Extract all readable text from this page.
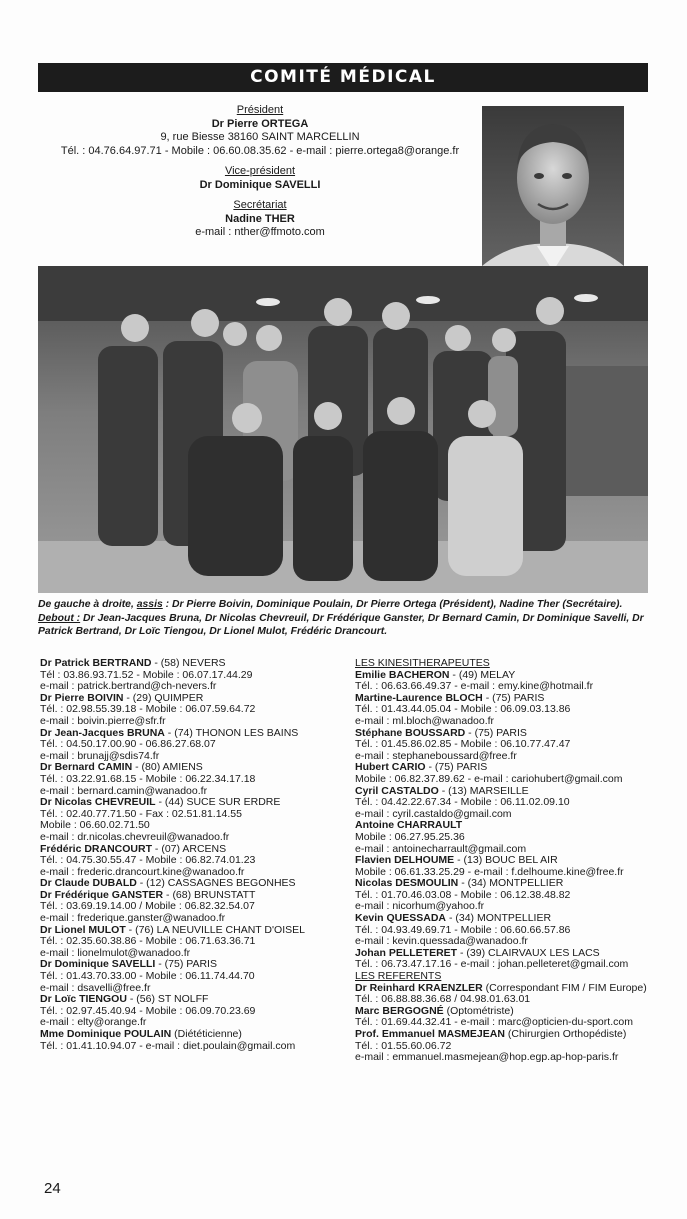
COMITÉ MÉDICAL
Président
Dr Pierre ORTEGA
9, rue Biesse 38160 SAINT MARCELLIN
Tél. : 04.76.64.97.71 - Mobile : 06.60.08.35.62 - e-mail : pierre.ortega8@orange.fr
Vice-président
Dr Dominique SAVELLI
Secrétariat
Nadine THER
e-mail : nther@ffmoto.com
De gauche à droite, assis : Dr Pierre Boivin, Dominique Poulain, Dr Pierre Ortega (Président), Nadine Ther (Secrétaire).
Debout : Dr Jean-Jacques Bruna, Dr Nicolas Chevreuil, Dr Frédérique Ganster, Dr Bernard Camin, Dr Dominique Savelli, Dr Patrick Bertrand, Dr Loïc Tiengou, Dr Lionel Mulot, Frédéric Drancourt.
Dr Patrick BERTRAND - (58) NEVERS
Tél : 03.86.93.71.52 - Mobile : 06.07.17.44.29
e-mail : patrick.bertrand@ch-nevers.fr
Dr Pierre BOIVIN - (29) QUIMPER
Tél. : 02.98.55.39.18 - Mobile : 06.07.59.64.72
e-mail : boivin.pierre@sfr.fr
Dr Jean-Jacques BRUNA - (74) THONON LES BAINS
Tél. : 04.50.17.00.90 - 06.86.27.68.07
e-mail : brunajj@sdis74.fr
Dr Bernard CAMIN - (80) AMIENS
Tél. : 03.22.91.68.15 - Mobile : 06.22.34.17.18
e-mail : bernard.camin@wanadoo.fr
Dr Nicolas CHEVREUIL - (44) SUCE SUR ERDRE
Tél. : 02.40.77.71.50 - Fax : 02.51.81.14.55
Mobile : 06.60.02.71.50
e-mail : dr.nicolas.chevreuil@wanadoo.fr
Frédéric DRANCOURT - (07) ARCENS
Tél. : 04.75.30.55.47 - Mobile : 06.82.74.01.23
e-mail : frederic.drancourt.kine@wanadoo.fr
Dr Claude DUBALD - (12) CASSAGNES BEGONHES
Dr Frédérique GANSTER - (68) BRUNSTATT
Tél. : 03.69.19.14.00 / Mobile : 06.82.32.54.07
e-mail : frederique.ganster@wanadoo.fr
Dr Lionel MULOT - (76) LA NEUVILLE CHANT D'OISEL
Tél. : 02.35.60.38.86 - Mobile : 06.71.63.36.71
e-mail : lionelmulot@wanadoo.fr
Dr Dominique SAVELLI - (75) PARIS
Tél. : 01.43.70.33.00 - Mobile : 06.11.74.44.70
e-mail : dsavelli@free.fr
Dr Loïc TIENGOU - (56) ST NOLFF
Tél. : 02.97.45.40.94 - Mobile : 06.09.70.23.69
e-mail : elty@orange.fr
Mme Dominique POULAIN (Diététicienne)
Tél. : 01.41.10.94.07 - e-mail : diet.poulain@gmail.com
LES KINESITHERAPEUTES
Emilie BACHERON - (49) MELAY
Tél. : 06.63.66.49.37 - e-mail : emy.kine@hotmail.fr
Martine-Laurence BLOCH - (75) PARIS
Tél. : 01.43.44.05.04 - Mobile : 06.09.03.13.86
e-mail : ml.bloch@wanadoo.fr
Stéphane BOUSSARD - (75) PARIS
Tél. : 01.45.86.02.85 - Mobile : 06.10.77.47.47
e-mail : stephaneboussard@free.fr
Hubert CARIO - (75) PARIS
Mobile : 06.82.37.89.62 - e-mail : cariohubert@gmail.com
Cyril CASTALDO - (13) MARSEILLE
Tél. : 04.42.22.67.34 - Mobile : 06.11.02.09.10
e-mail : cyril.castaldo@gmail.com
Antoine CHARRAULT
Mobile : 06.27.95.25.36
e-mail : antoinecharrault@gmail.com
Flavien DELHOUME - (13) BOUC BEL AIR
Mobile : 06.61.33.25.29 - e-mail : f.delhoume.kine@free.fr
Nicolas DESMOULIN - (34) MONTPELLIER
Tél. : 01.70.46.03.08 - Mobile : 06.12.38.48.82
e-mail : nicorhum@yahoo.fr
Kevin QUESSADA - (34) MONTPELLIER
Tél. : 04.93.49.69.71 - Mobile : 06.60.66.57.86
e-mail : kevin.quessada@wanadoo.fr
Johan PELLETERET - (39) CLAIRVAUX LES LACS
Tél. : 06.73.47.17.16 - e-mail : johan.pelleteret@gmail.com
LES REFERENTS
Dr Reinhard KRAENZLER (Correspondant FIM / FIM Europe)
Tél. : 06.88.88.36.68 / 04.98.01.63.01
Marc BERGOGNÉ (Optométriste)
Tél. : 01.69.44.32.41 - e-mail : marc@opticien-du-sport.com
Prof. Emmanuel MASMEJEAN (Chirurgien Orthopédiste)
Tél. : 01.55.60.06.72
e-mail : emmanuel.masmejean@hop.egp.ap-hop-paris.fr
24
